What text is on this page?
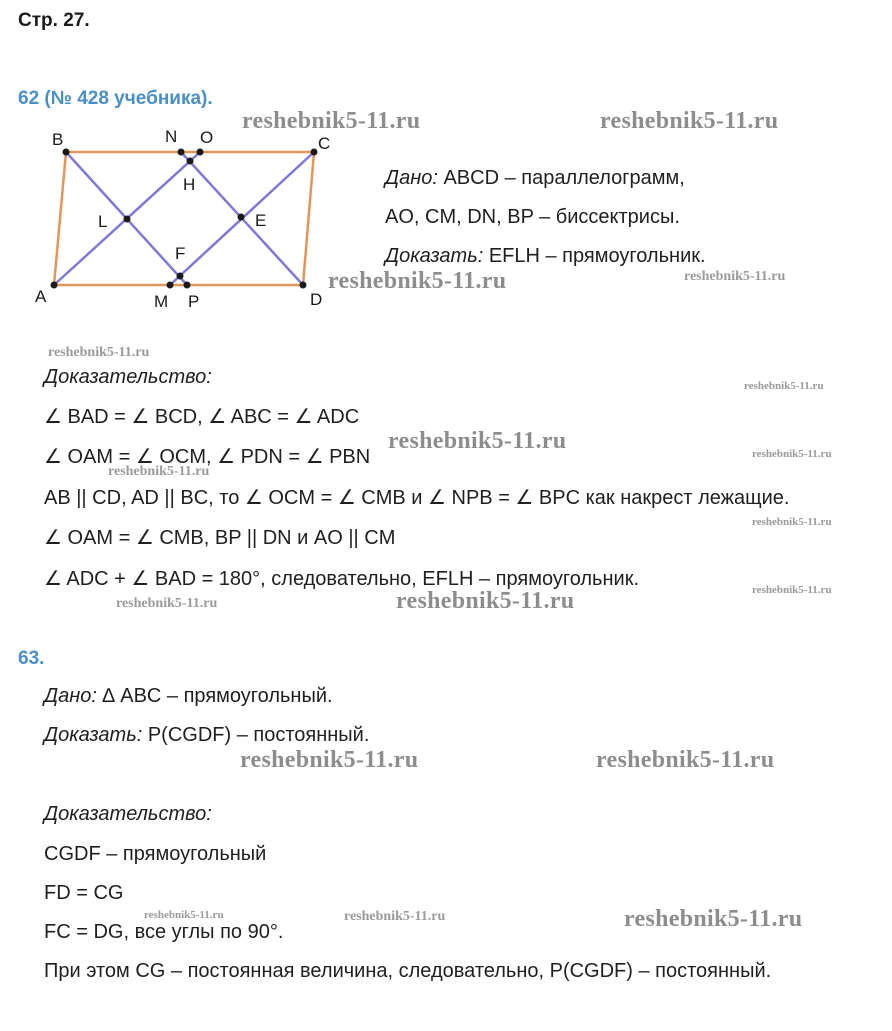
Стр. 27.
62 (№ 428 учебника).
B	N O	C
H
L	E
F
A	M P	D
Дано: ABCD – параллелограмм,
AO, CM, DN, BP – биссектрисы.
Доказать: EFLH – прямоугольник.
Доказательство:
∠ BAD = ∠ BCD, ∠ ABC = ∠ ADC
∠ OAM = ∠ OCM, ∠ PDN = ∠ PBN
AB || CD, AD || BC, то ∠ OCM = ∠ CMB и ∠ NPB = ∠ BPC как накрест лежащие.
∠ OAM = ∠ CMB, BP || DN и AO || CM
∠ ADC + ∠ BAD = 180°, следовательно, EFLH – прямоугольник.
63.
Дано: ∆ ABC – прямоугольный.
Доказать: P(CGDF) – постоянный.
Доказательство:
CGDF – прямоугольный
FD = CG
FC = DG, все углы по 90°.
При этом CG – постоянная величина, следовательно, P(CGDF) – постоянный.
reshebnik5-11.ru	reshebnik5-11.ru
reshebnik5-11.ru	reshebnik5-11.ru
reshebnik5-11.ru
reshebnik5-11.ru
reshebnik5-11.ru	reshebnik5-11.ru
reshebnik5-11.ru
reshebnik5-11.ru
reshebnik5-11.ru
reshebnik5-11.ru	reshebnik5-11.ru
reshebnik5-11.ru	reshebnik5-11.ru
reshebnik5-11.ru	reshebnik5-11.ru	reshebnik5-11.ru
